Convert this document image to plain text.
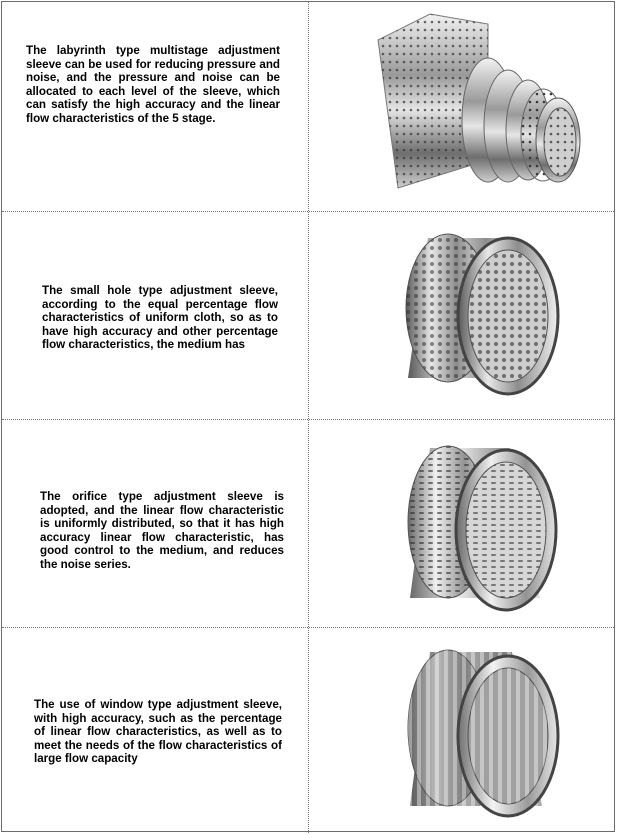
The labyrinth type multistage adjustment sleeve can be used for reducing pressure and noise, and the pressure and noise can be allocated to each level of the sleeve, which can satisfy the high accuracy and the linear flow characteristics of the 5 stage.
The small hole type adjustment sleeve, according to the equal percentage flow characteristics of uniform cloth, so as to have high accuracy and other percentage flow characteristics, the medium has
The orifice type adjustment sleeve is adopted, and the linear flow characteristic is uniformly distributed, so that it has high accuracy linear flow characteristic, has good control to the medium, and reduces the noise series.
The use of window type adjustment sleeve, with high accuracy, such as the percentage of linear flow characteristics, as well as to meet the needs of the flow characteristics of large flow capacity
